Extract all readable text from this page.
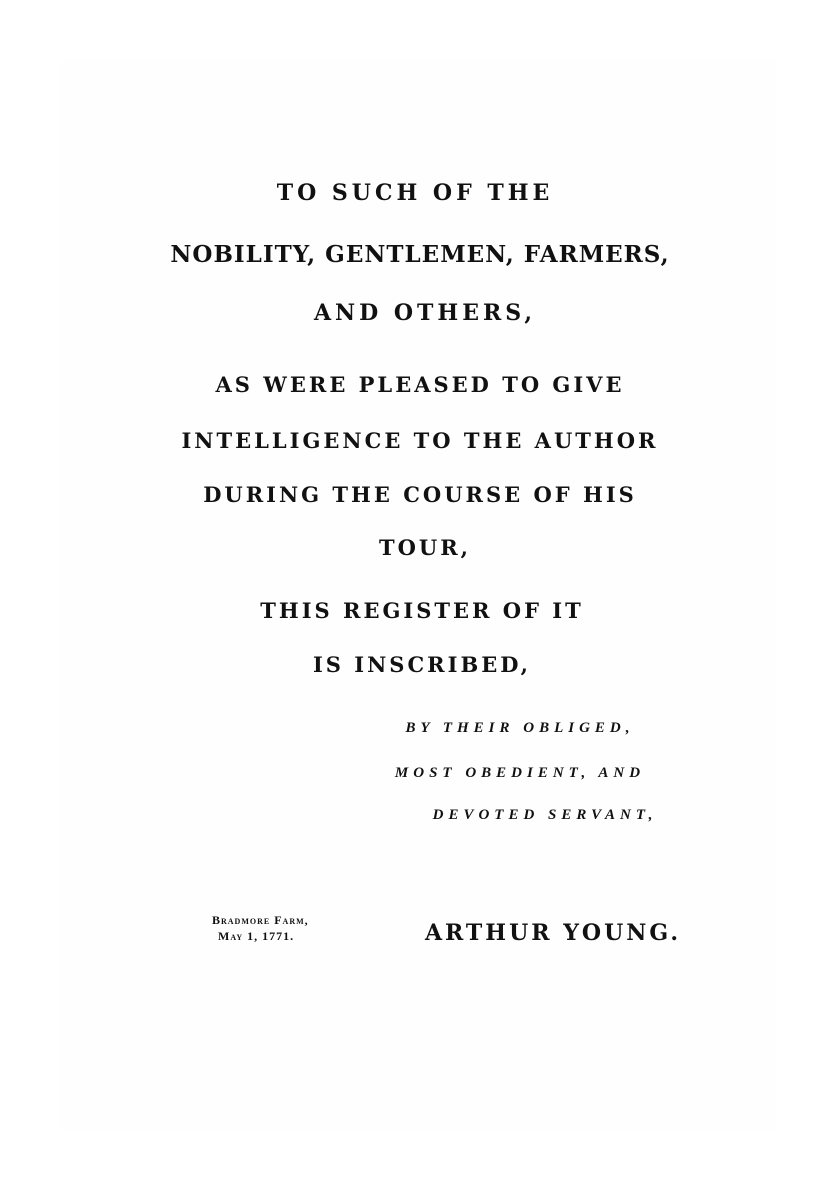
TO SUCH OF THE
NOBILITY, GENTLEMEN, FARMERS,
AND OTHERS,
AS WERE PLEASED TO GIVE
INTELLIGENCE TO THE AUTHOR
DURING THE COURSE OF HIS
TOUR,
THIS REGISTER OF IT
IS INSCRIBED,
BY THEIR OBLIGED,
MOST OBEDIENT, AND
DEVOTED SERVANT,
Bradmore Farm,
May 1, 1771.	ARTHUR YOUNG.
